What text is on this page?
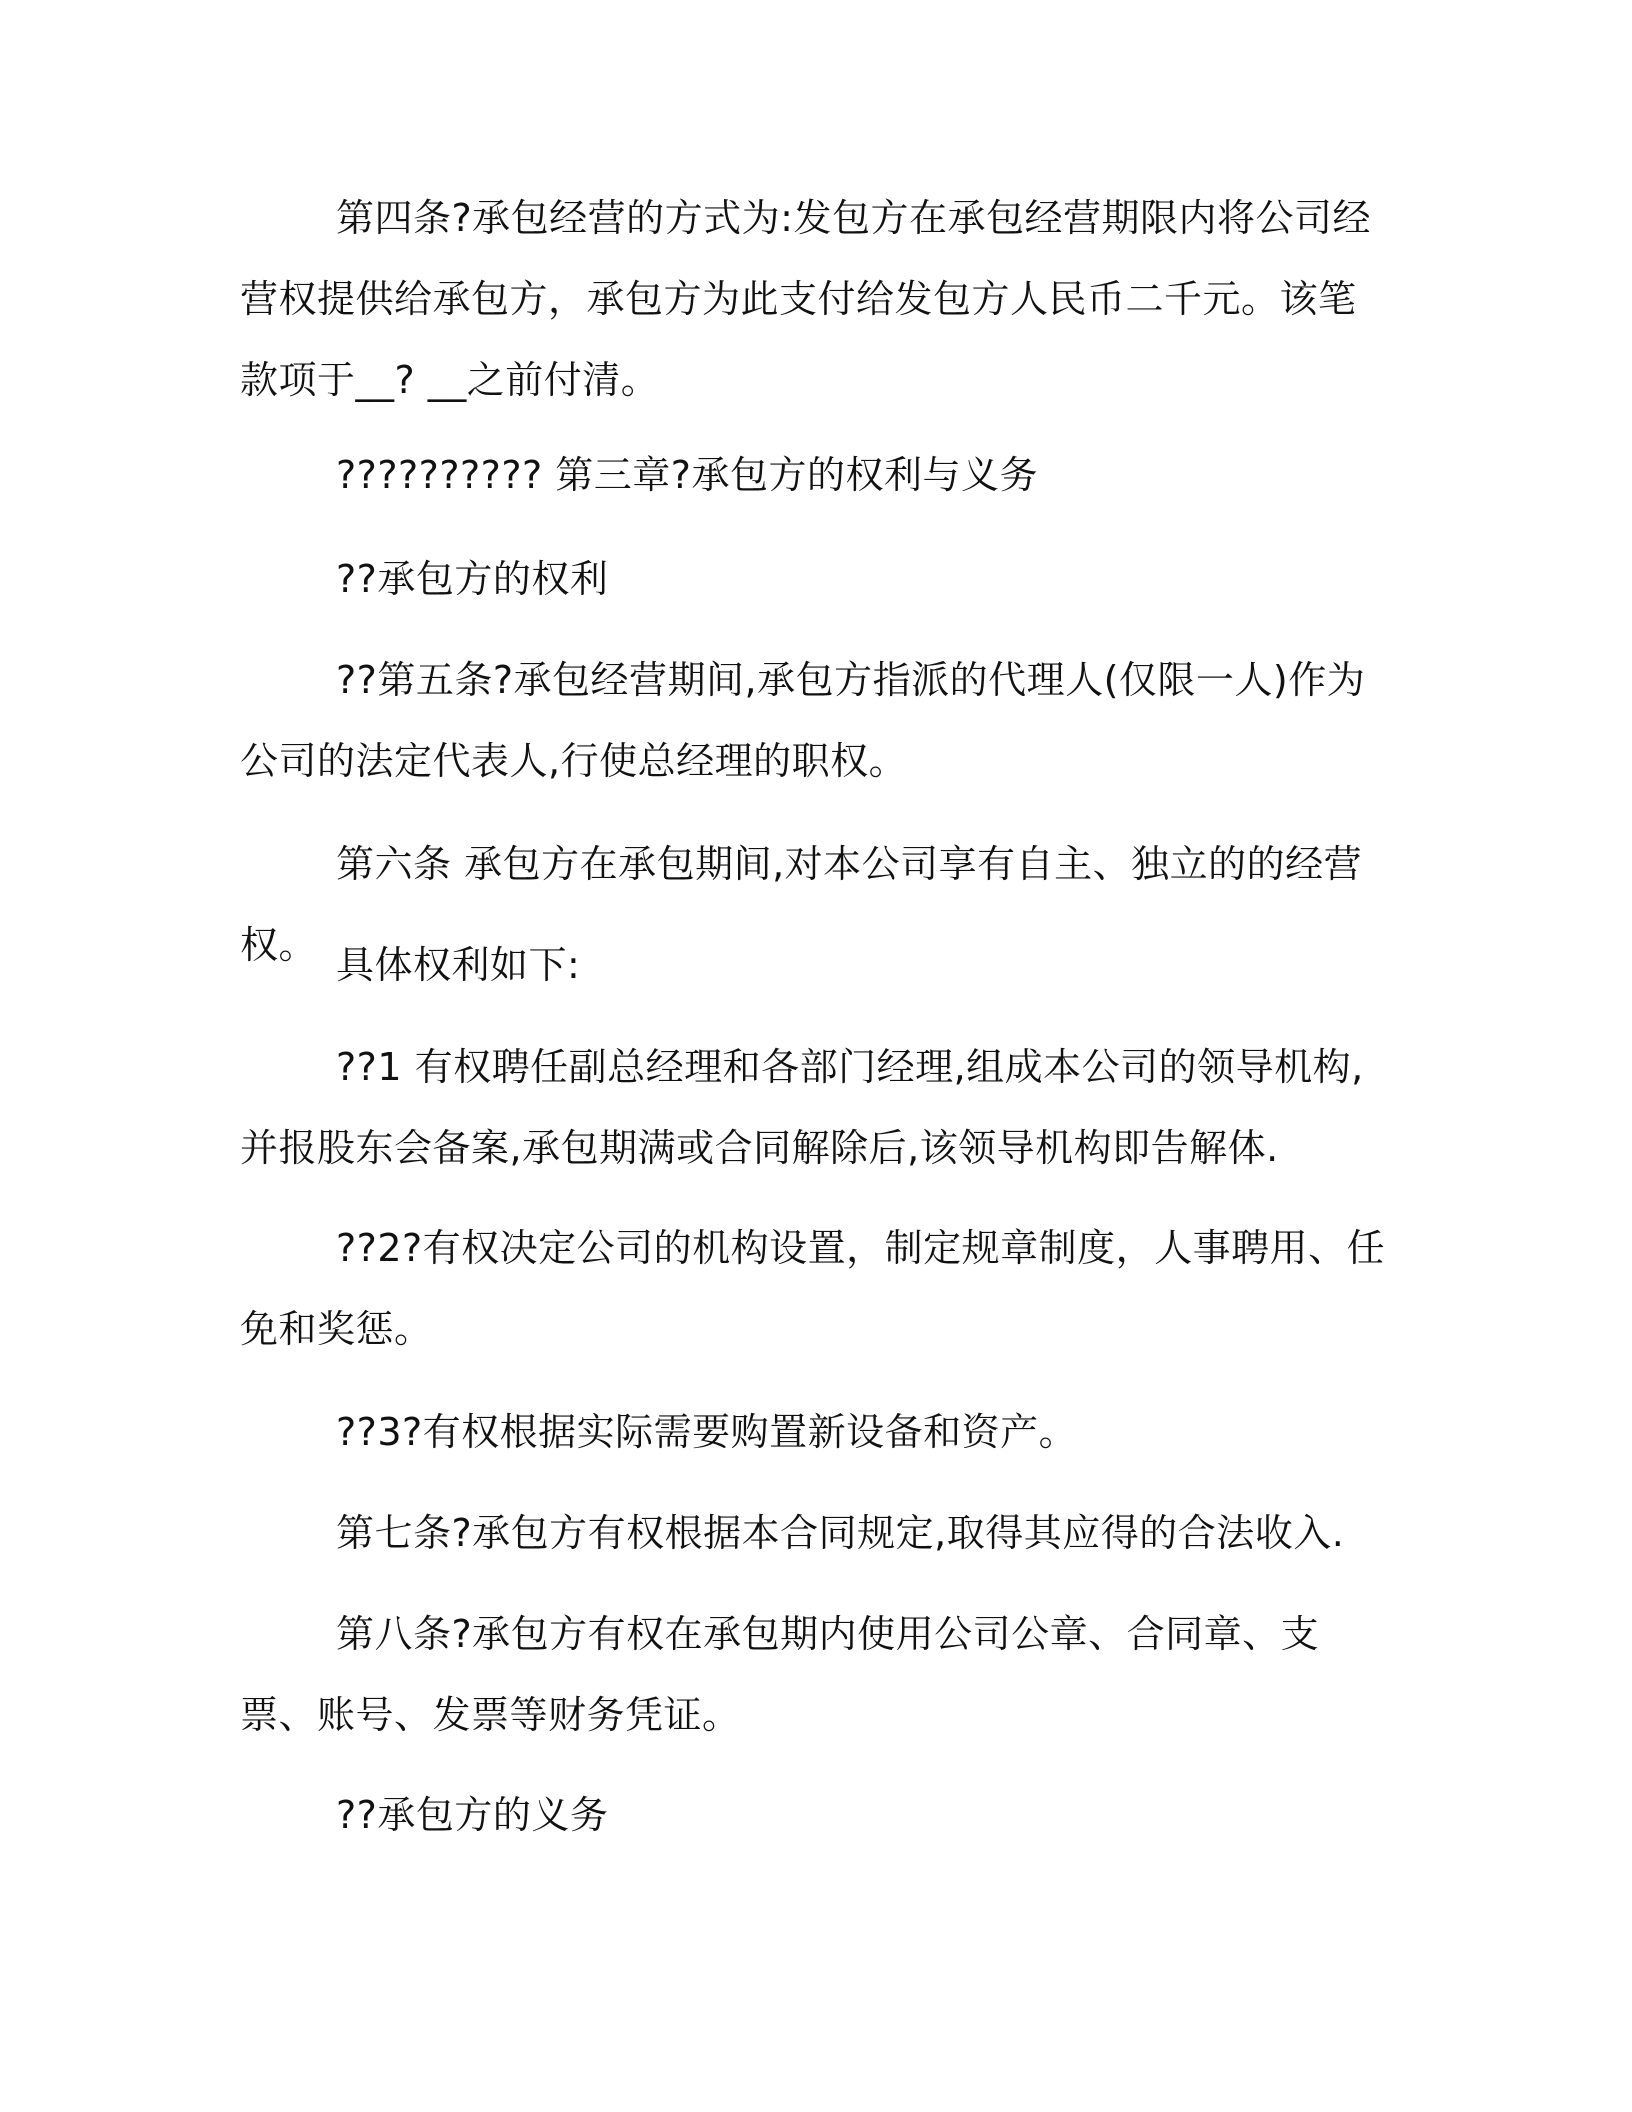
第四条?承包经营的方式为:发包方在承包经营期限内将公司经营权提供给承包方，承包方为此支付给发包方人民币二千元。该笔款项于__? __之前付清。

?????????? 第三章?承包方的权利与义务

??承包方的权利

??第五条?承包经营期间,承包方指派的代理人(仅限一人)作为公司的法定代表人,行使总经理的职权。

第六条 承包方在承包期间,对本公司享有自主、独立的的经营权。 具体权利如下:

??1 有权聘任副总经理和各部门经理,组成本公司的领导机构,并报股东会备案,承包期满或合同解除后,该领导机构即告解体.

??2?有权决定公司的机构设置，制定规章制度，人事聘用、任免和奖惩。

??3?有权根据实际需要购置新设备和资产。

第七条?承包方有权根据本合同规定,取得其应得的合法收入.

第八条?承包方有权在承包期内使用公司公章、合同章、支票、账号、发票等财务凭证。

??承包方的义务
